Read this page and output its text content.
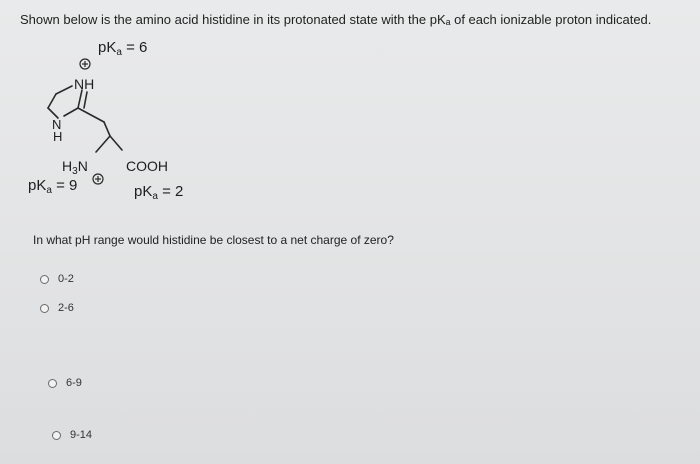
Shown below is the amino acid histidine in its protonated state with the pKₐ of each ionizable proton indicated.
$pK_a = 6$
NH
N
H
$H_3N$	COOH
$pK_a = 9$	$pK_a = 2$
In what pH range would histidine be closest to a net charge of zero?
0-2
2-6
6-9
9-14
